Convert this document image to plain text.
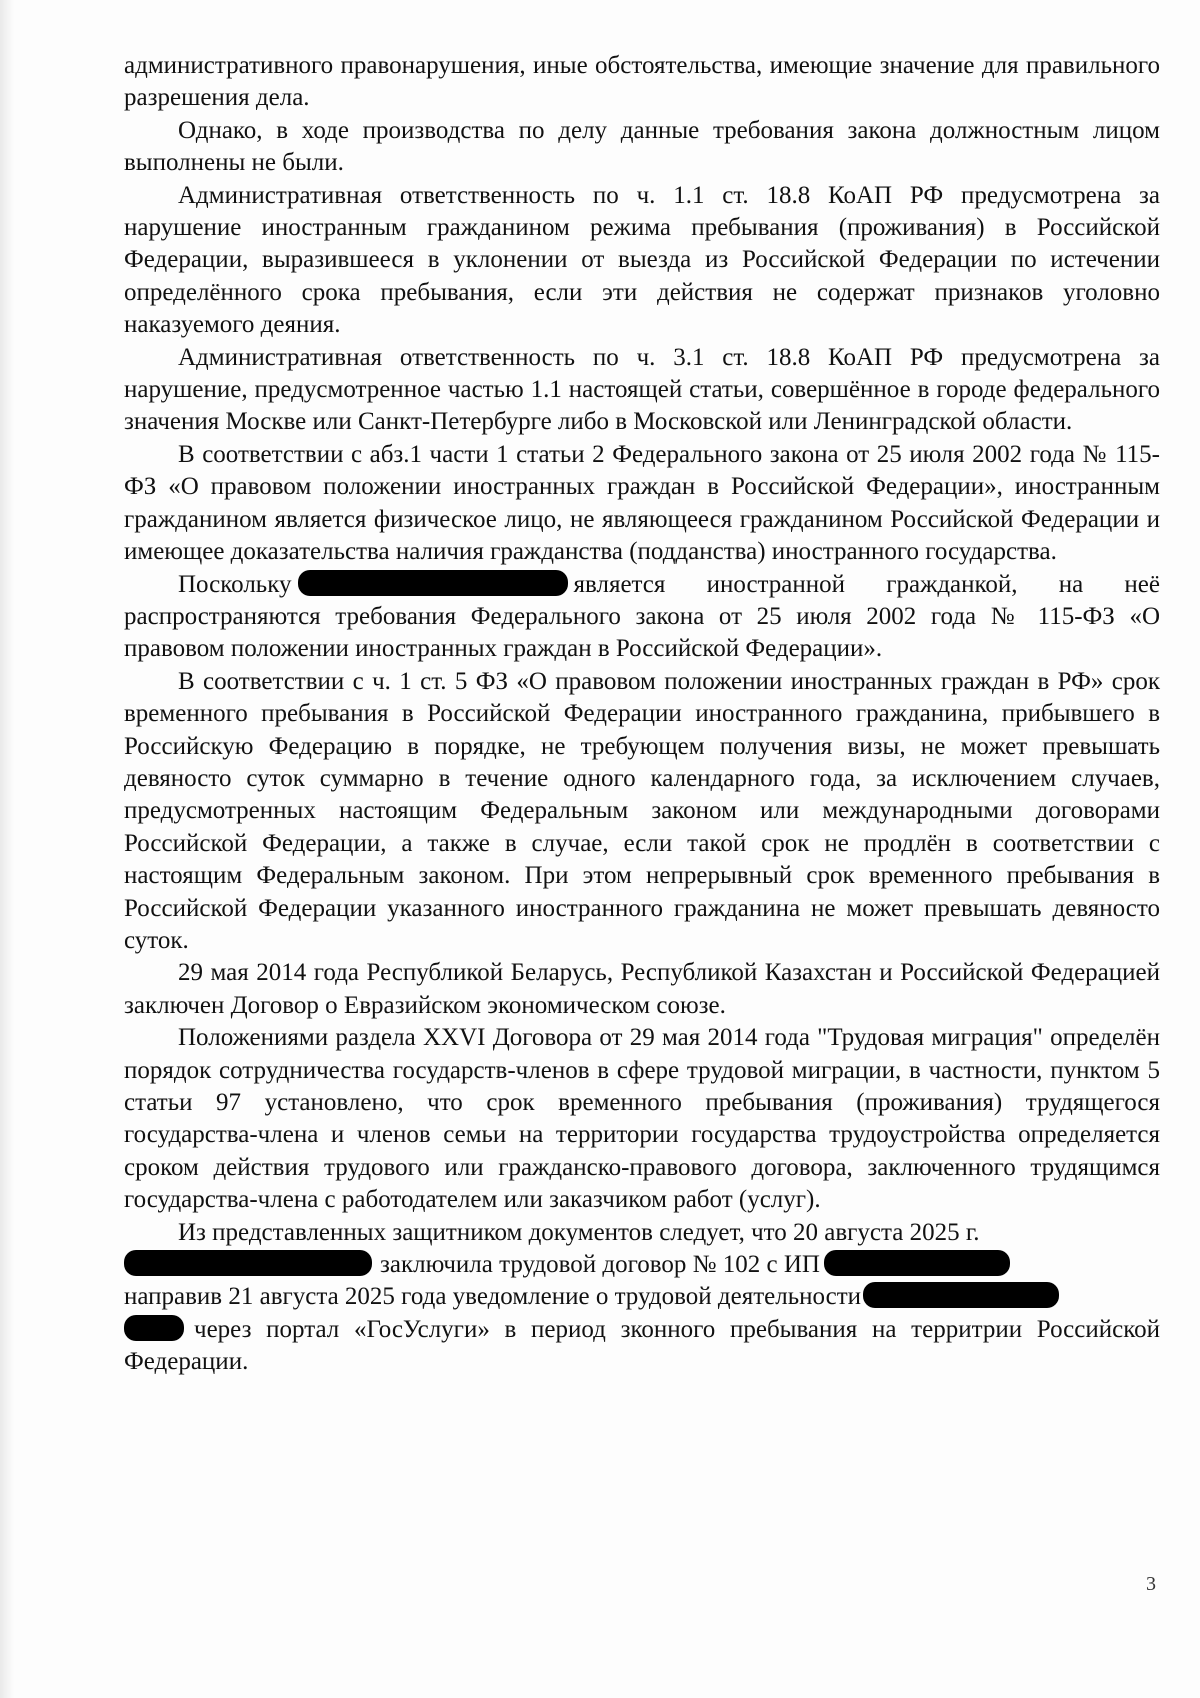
административного правонарушения, иные обстоятельства, имеющие значение для правильного разрешения дела.

Однако, в ходе производства по делу данные требования закона должностным лицом выполнены не были.

Административная ответственность по ч. 1.1 ст. 18.8 КоАП РФ предусмотрена за нарушение иностранным гражданином режима пребывания (проживания) в Российской Федерации, выразившееся в уклонении от выезда из Российской Федерации по истечении определённого срока пребывания, если эти действия не содержат признаков уголовно наказуемого деяния.

Административная ответственность по ч. 3.1 ст. 18.8 КоАП РФ предусмотрена за нарушение, предусмотренное частью 1.1 настоящей статьи, совершённое в городе федерального значения Москве или Санкт-Петербурге либо в Московской или Ленинградской области.

В соответствии с абз.1 части 1 статьи 2 Федерального закона от 25 июля 2002 года № 115-ФЗ «О правовом положении иностранных граждан в Российской Федерации», иностранным гражданином является физическое лицо, не являющееся гражданином Российской Федерации и имеющее доказательства наличия гражданства (подданства) иностранного государства.

Поскольку	является иностранной гражданкой, на неё распространяются требования Федерального закона от 25 июля 2002 года № 115-ФЗ «О правовом положении иностранных граждан в Российской Федерации».

В соответствии с ч. 1 ст. 5 ФЗ «О правовом положении иностранных граждан в РФ» срок временного пребывания в Российской Федерации иностранного гражданина, прибывшего в Российскую Федерацию в порядке, не требующем получения визы, не может превышать девяносто суток суммарно в течение одного календарного года, за исключением случаев, предусмотренных настоящим Федеральным законом или международными договорами Российской Федерации, а также в случае, если такой срок не продлён в соответствии с настоящим Федеральным законом. При этом непрерывный срок временного пребывания в Российской Федерации указанного иностранного гражданина не может превышать девяносто суток.

29 мая 2014 года Республикой Беларусь, Республикой Казахстан и Российской Федерацией заключен Договор о Евразийском экономическом союзе.

Положениями раздела XXVI Договора от 29 мая 2014 года "Трудовая миграция" определён порядок сотрудничества государств-членов в сфере трудовой миграции, в частности, пунктом 5 статьи 97 установлено, что срок временного пребывания (проживания) трудящегося государства-члена и членов семьи на территории государства трудоустройства определяется сроком действия трудового или гражданско-правового договора, заключенного трудящимся государства-члена с работодателем или заказчиком работ (услуг).

Из представленных защитником документов следует, что 20 августа 2025 г.
заключила трудовой договор № 102 с ИП
направив 21 августа 2025 года уведомление о трудовой деятельности
через портал «ГосУслуги» в период зконного пребывания на территрии Российской Федерации.

3
